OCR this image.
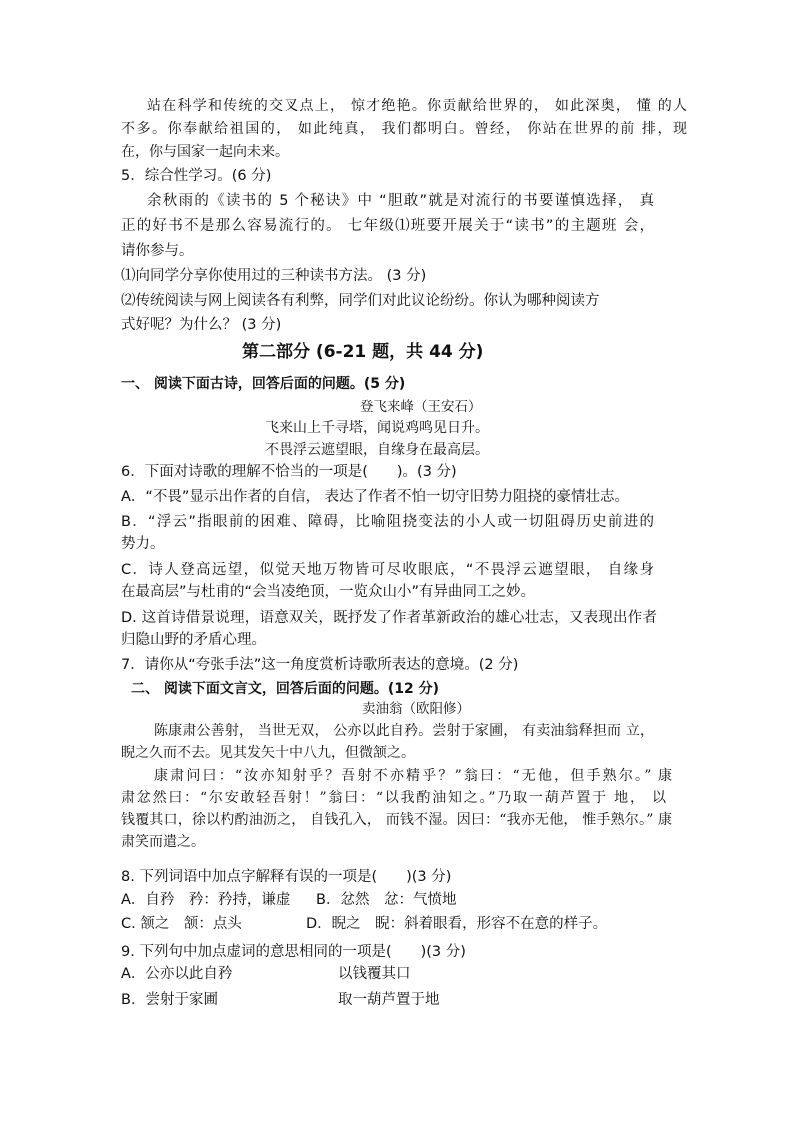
站在科学和传统的交叉点上， 惊才绝艳。你贡献给世界的， 如此深奥， 懂 的人
不多。你奉献给祖国的， 如此纯真， 我们都明白。曾经， 你站在世界的前 排，现
在，你与国家一起向未来。
5．综合性学习。(6 分)
余秋雨的《读书的 5 个秘诀》中 “胆敢”就是对流行的书要谨慎选择， 真
正的好书不是那么容易流行的。 七年级⑴班要开展关于“读书”的主题班 会，
请你参与。
⑴向同学分享你使用过的三种读书方法。 (3 分)
⑵传统阅读与网上阅读各有利弊，同学们对此议论纷纷。你认为哪种阅读方
式好呢？为什么？ (3 分)
第二部分 (6-21 题，共 44 分)
一、 阅读下面古诗，回答后面的问题。(5 分)
登飞来峰（王安石）
飞来山上千寻塔，闻说鸡鸣见日升。
不畏浮云遮望眼，自缘身在最高层。
6．下面对诗歌的理解不恰当的一项是(　　)。(3 分)
A．“不畏”显示出作者的自信， 表达了作者不怕一切守旧势力阻挠的豪情壮志。
B．“浮云”指眼前的困难、障碍，比喻阻挠变法的小人或一切阻碍历史前进的
势力。
C．诗人登高远望，似觉天地万物皆可尽收眼底，“不畏浮云遮望眼， 自缘身
在最高层”与杜甫的“会当凌绝顶，一览众山小”有异曲同工之妙。
D. 这首诗借景说理，语意双关，既抒发了作者革新政治的雄心壮志，又表现出作者
归隐山野的矛盾心理。
7．请你从“夸张手法”这一角度赏析诗歌所表达的意境。(2 分)
二、 阅读下面文言文，回答后面的问题。(12 分)
卖油翁（欧阳修）
陈康肃公善射， 当世无双， 公亦以此自矜。尝射于家圃， 有卖油翁释担而 立，
睨之久而不去。见其发矢十中八九，但微颔之。
康肃问曰：“汝亦知射乎？吾射不亦精乎？”翁曰：“无他，但手熟尔。” 康
肃忿然曰：“尔安敢轻吾射！”翁曰：“以我酌油知之。”乃取一葫芦置于 地， 以
钱覆其口，徐以杓酌油沥之， 自钱孔入， 而钱不湿。因曰：“我亦无他， 惟手熟尔。” 康
肃笑而遣之。
8. 下列词语中加点字解释有误的一项是(　　)(3 分)
A．自矜　矜：矜持，谦虚 B．忿然　忿：气愤地
C. 颔之　颔：点头	D．睨之　睨：斜着眼看，形容不在意的样子。
9. 下列句中加点虚词的意思相同的一项是(　　)(3 分)
A．公亦以此自矜	以钱覆其口
B．尝射于家圃	取一葫芦置于地
